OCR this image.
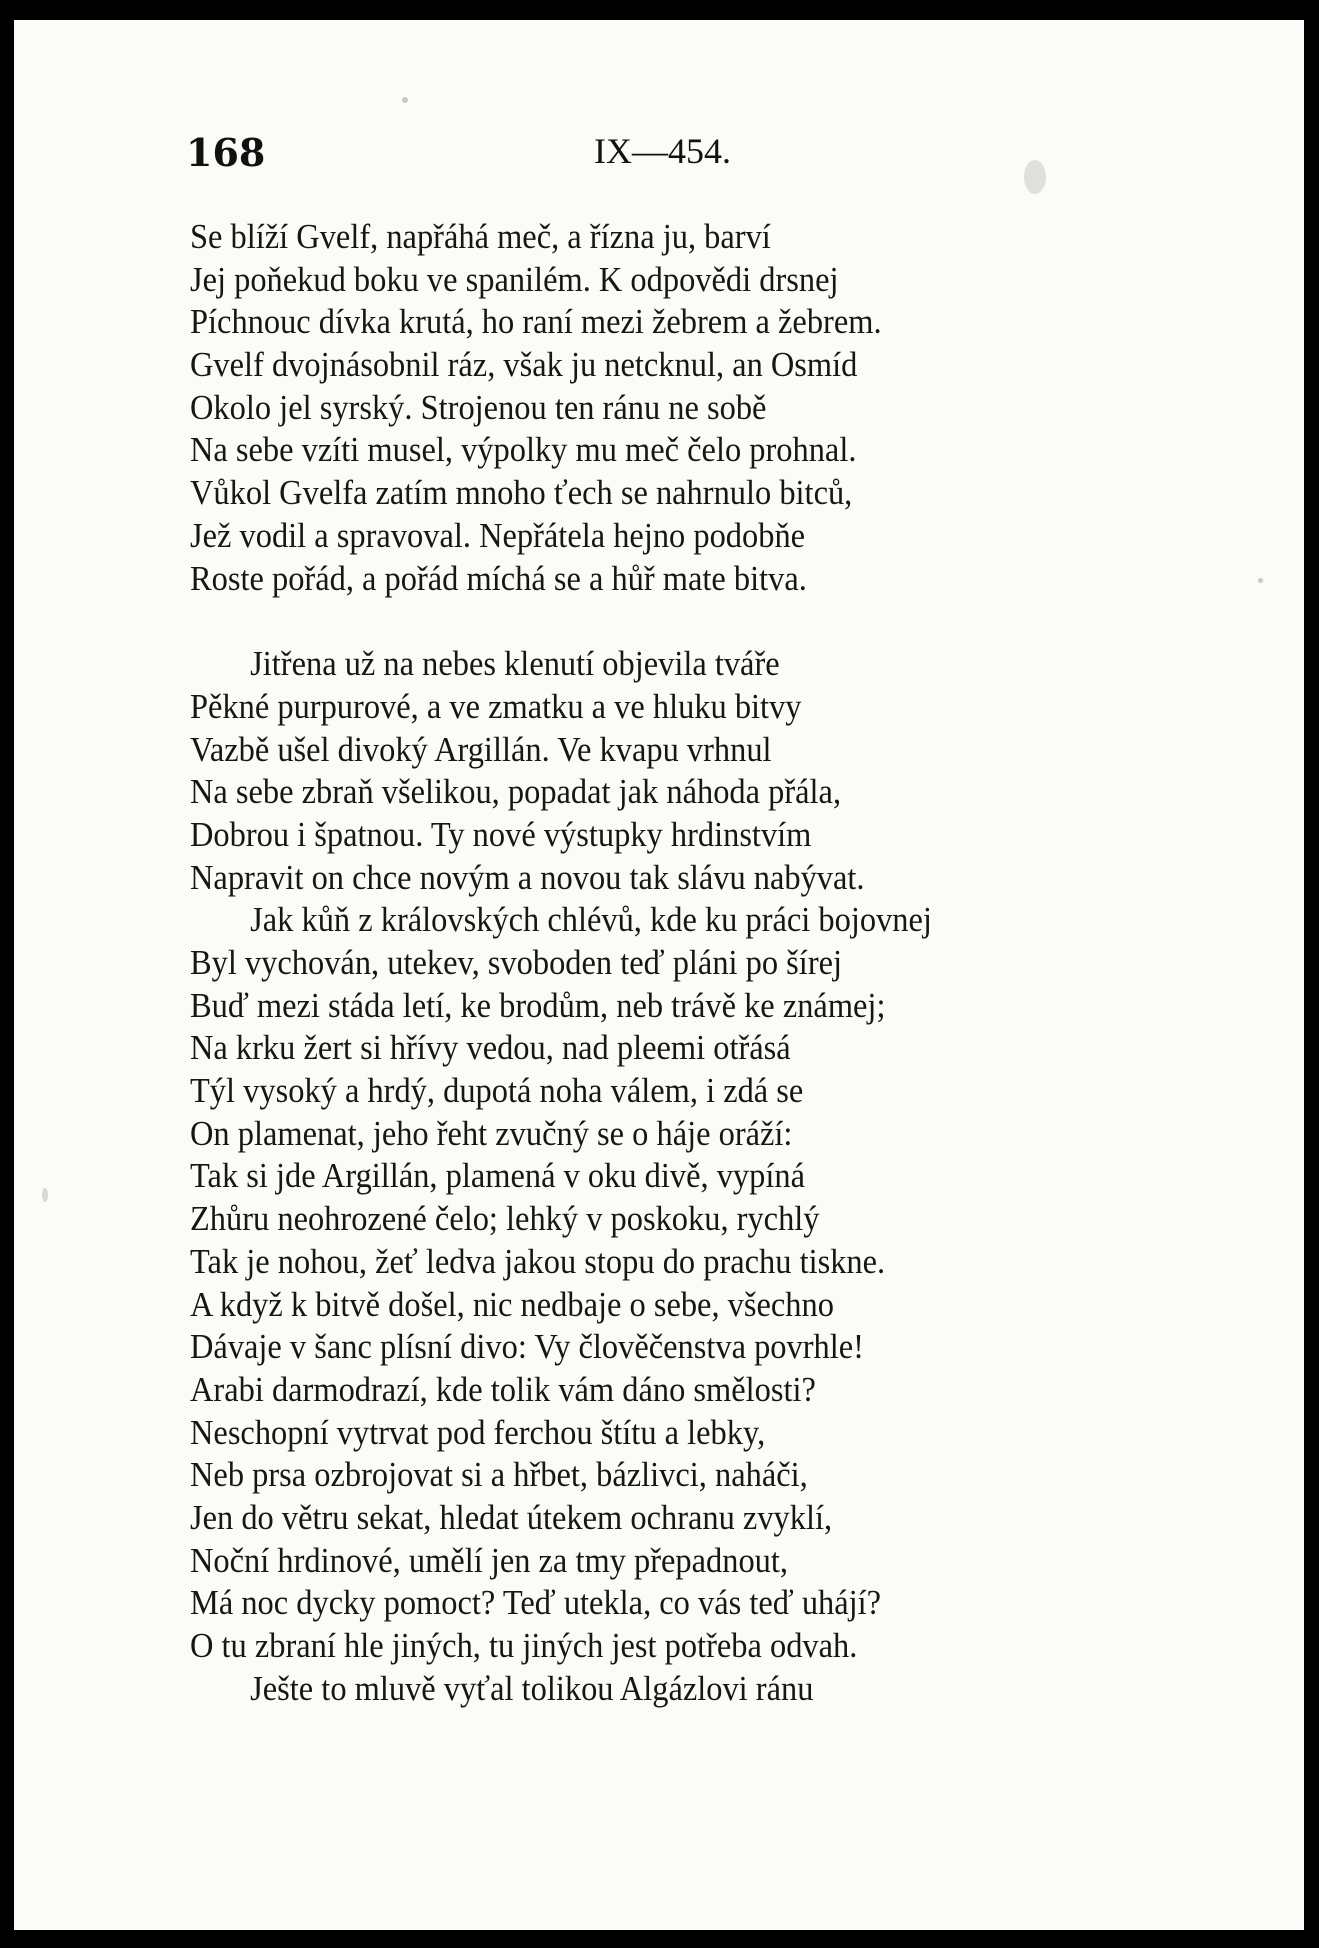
168	IX—454.
Se blíží Gvelf, napřáhá meč, a řízna ju, barví
Jej poňekud boku ve spanilém. K odpovědi drsnej
Píchnouc dívka krutá, ho raní mezi žebrem a žebrem.
Gvelf dvojnásobnil ráz, však ju netcknul, an Osmíd
Okolo jel syrský. Strojenou ten ránu ne sobě
Na sebe vzíti musel, výpolky mu meč čelo prohnal.
Vůkol Gvelfa zatím mnoho ťech se nahrnulo bitců,
Jež vodil a spravoval. Nepřátela hejno podobňe
Roste pořád, a pořád míchá se a hůř mate bitva.
Jitřena už na nebes klenutí objevila tváře
Pěkné purpurové, a ve zmatku a ve hluku bitvy
Vazbě ušel divoký Argillán. Ve kvapu vrhnul
Na sebe zbraň všelikou, popadat jak náhoda přála,
Dobrou i špatnou. Ty nové výstupky hrdinstvím
Napravit on chce novým a novou tak slávu nabývat.
Jak kůň z královských chlévů, kde ku práci bojovnej
Byl vychován, utekev, svoboden teď pláni po šírej
Buď mezi stáda letí, ke brodům, neb trávě ke známej;
Na krku žert si hřívy vedou, nad pleemi otřásá
Týl vysoký a hrdý, dupotá noha válem, i zdá se
On plamenat, jeho řeht zvučný se o háje oráží:
Tak si jde Argillán, plamená v oku divě, vypíná
Zhůru neohrozené čelo; lehký v poskoku, rychlý
Tak je nohou, žeť ledva jakou stopu do prachu tiskne.
A když k bitvě došel, nic nedbaje o sebe, všechno
Dávaje v šanc plísní divo: Vy člověčenstva povrhle!
Arabi darmodrazí, kde tolik vám dáno smělosti?
Neschopní vytrvat pod ferchou štítu a lebky,
Neb prsa ozbrojovat si a hřbet, bázlivci, naháči,
Jen do větru sekat, hledat útekem ochranu zvyklí,
Noční hrdinové, umělí jen za tmy přepadnout,
Má noc dycky pomoct? Teď utekla, co vás teď uhájí?
O tu zbraní hle jiných, tu jiných jest potřeba odvah.
Ješte to mluvě vyťal tolikou Algázlovi ránu
